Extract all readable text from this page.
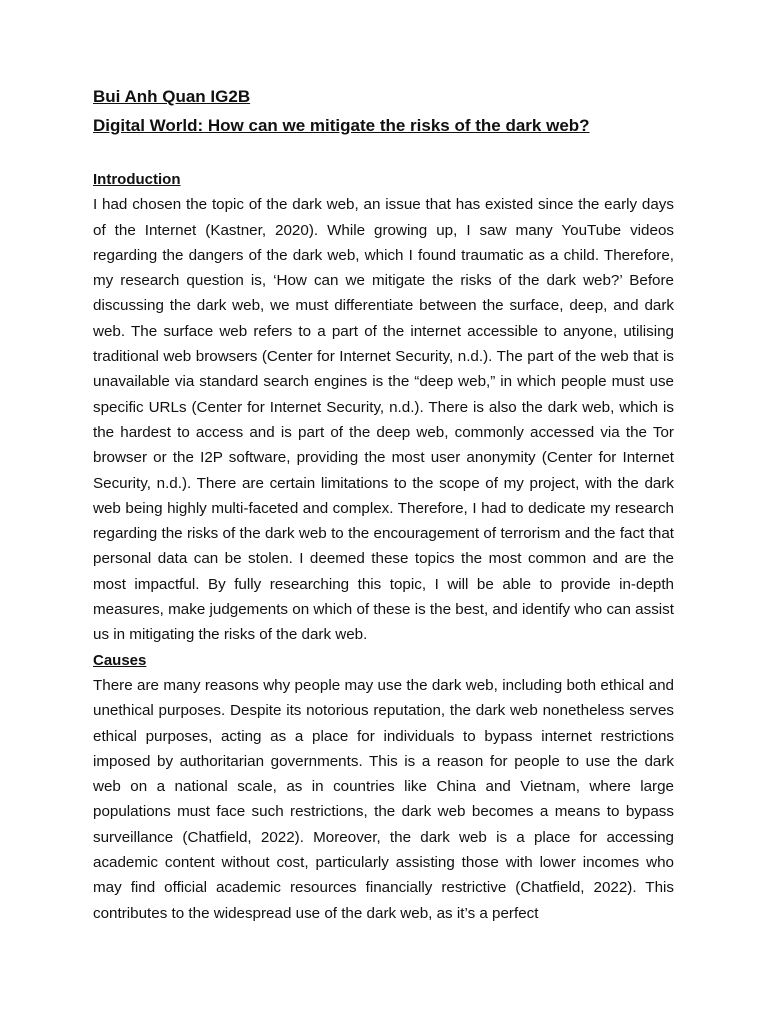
Bui Anh Quan IG2B

Digital World: How can we mitigate the risks of the dark web?

Introduction

I had chosen the topic of the dark web, an issue that has existed since the early days of the Internet (Kastner, 2020). While growing up, I saw many YouTube videos regarding the dangers of the dark web, which I found traumatic as a child. Therefore, my research question is, ‘How can we mitigate the risks of the dark web?’ Before discussing the dark web, we must differentiate between the surface, deep, and dark web. The surface web refers to a part of the internet accessible to anyone, utilising traditional web browsers (Center for Internet Security, n.d.). The part of the web that is unavailable via standard search engines is the “deep web,” in which people must use specific URLs (Center for Internet Security, n.d.). There is also the dark web, which is the hardest to access and is part of the deep web, commonly accessed via the Tor browser or the I2P software, providing the most user anonymity (Center for Internet Security, n.d.). There are certain limitations to the scope of my project, with the dark web being highly multi-faceted and complex. Therefore, I had to dedicate my research regarding the risks of the dark web to the encouragement of terrorism and the fact that personal data can be stolen. I deemed these topics the most common and are the most impactful. By fully researching this topic, I will be able to provide in-depth measures, make judgements on which of these is the best, and identify who can assist us in mitigating the risks of the dark web.

Causes

There are many reasons why people may use the dark web, including both ethical and unethical purposes. Despite its notorious reputation, the dark web nonetheless serves ethical purposes, acting as a place for individuals to bypass internet restrictions imposed by authoritarian governments. This is a reason for people to use the dark web on a national scale, as in countries like China and Vietnam, where large populations must face such restrictions, the dark web becomes a means to bypass surveillance (Chatfield, 2022). Moreover, the dark web is a place for accessing academic content without cost, particularly assisting those with lower incomes who may find official academic resources financially restrictive (Chatfield, 2022). This contributes to the widespread use of the dark web, as it’s a perfect
